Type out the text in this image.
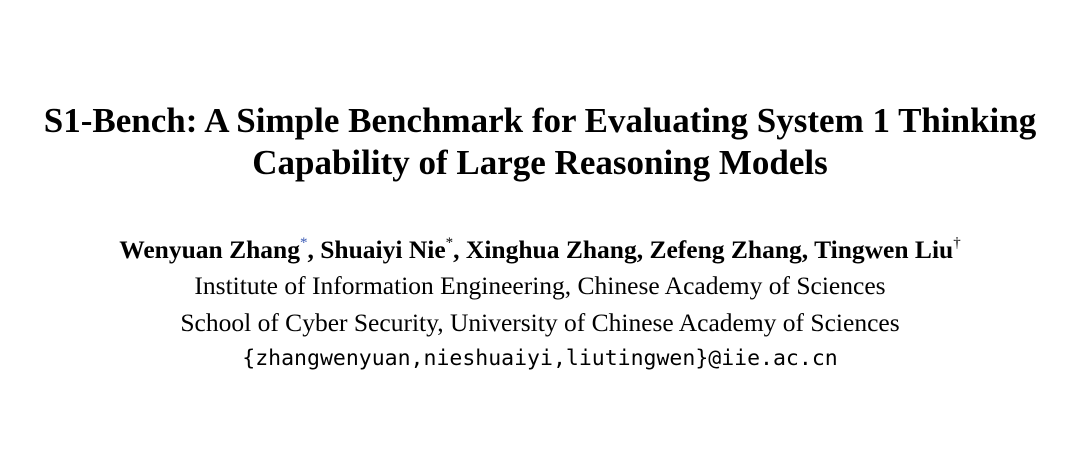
S1-Bench: A Simple Benchmark for Evaluating System 1 Thinking
Capability of Large Reasoning Models
Wenyuan Zhang*, Shuaiyi Nie*, Xinghua Zhang, Zefeng Zhang, Tingwen Liu†
Institute of Information Engineering, Chinese Academy of Sciences
School of Cyber Security, University of Chinese Academy of Sciences
{zhangwenyuan,nieshuaiyi,liutingwen}@iie.ac.cn
